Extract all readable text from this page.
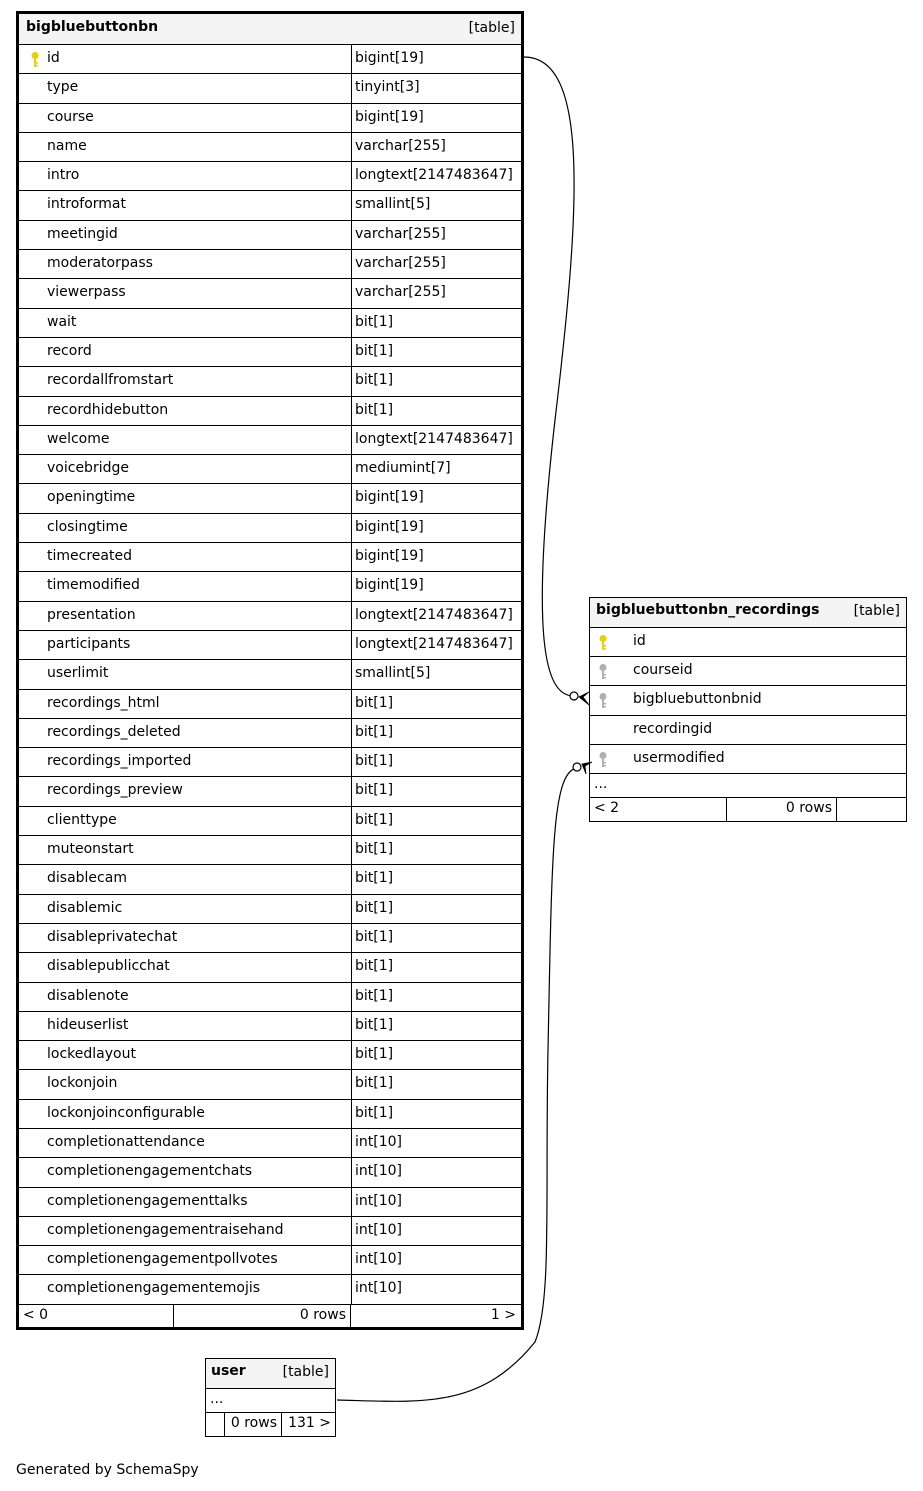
bigbluebuttonbn	[table]
id	bigint[19]
type	tinyint[3]
course	bigint[19]
name	varchar[255]
intro	longtext[2147483647]
introformat	smallint[5]
meetingid	varchar[255]
moderatorpass	varchar[255]
viewerpass	varchar[255]
wait	bit[1]
record	bit[1]
recordallfromstart	bit[1]
recordhidebutton	bit[1]
welcome	longtext[2147483647]
voicebridge	mediumint[7]
openingtime	bigint[19]
closingtime	bigint[19]
timecreated	bigint[19]
timemodified	bigint[19]
presentation	longtext[2147483647]
participants	longtext[2147483647]
userlimit	smallint[5]
recordings_html	bit[1]
recordings_deleted	bit[1]
recordings_imported	bit[1]
recordings_preview	bit[1]
clienttype	bit[1]
muteonstart	bit[1]
disablecam	bit[1]
disablemic	bit[1]
disableprivatechat	bit[1]
disablepublicchat	bit[1]
disablenote	bit[1]
hideuserlist	bit[1]
lockedlayout	bit[1]
lockonjoin	bit[1]
lockonjoinconfigurable	bit[1]
completionattendance	int[10]
completionengagementchats	int[10]
completionengagementtalks	int[10]
completionengagementraisehand	int[10]
completionengagementpollvotes	int[10]
completionengagementemojis	int[10]
< 0	0 rows	1 >
bigbluebuttonbn_recordings [table]
id
courseid
bigbluebuttonbnid
recordingid
usermodified
...
< 2	0 rows
user	[table]
...
0 rows 131 >
Generated by SchemaSpy
